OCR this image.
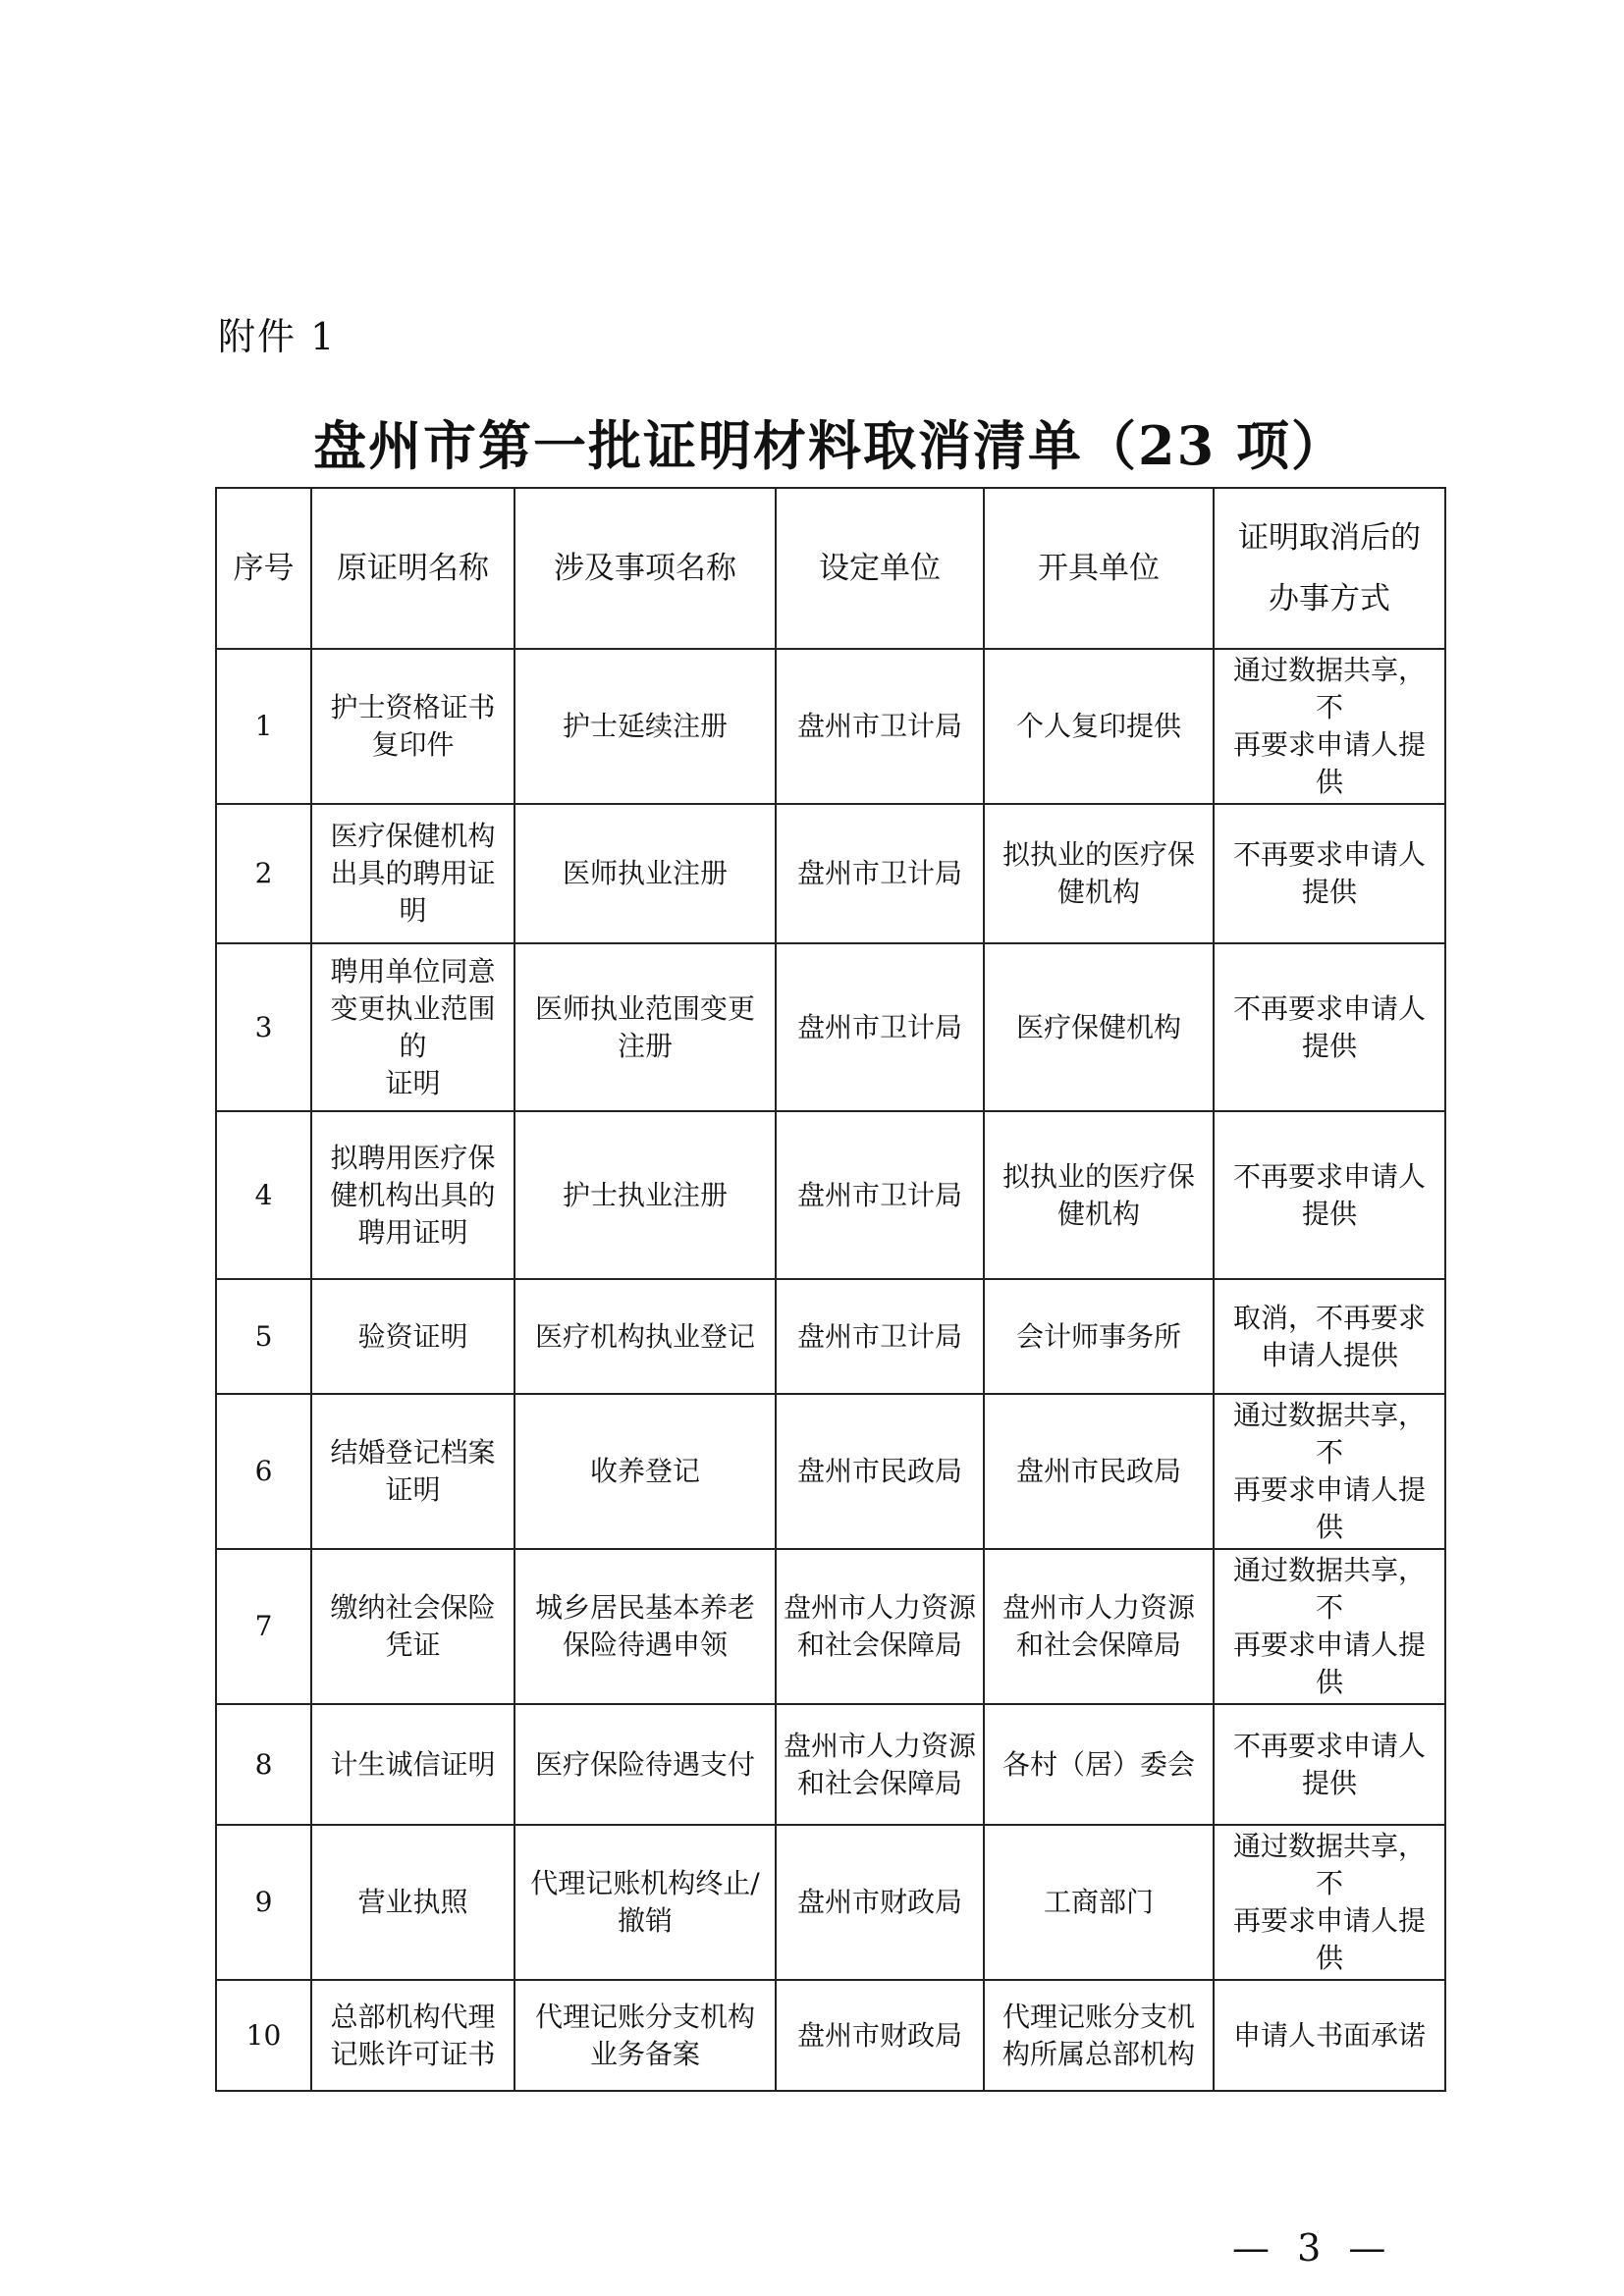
附件 1
盘州市第一批证明材料取消清单（23 项）
序号	原证明名称	涉及事项名称	设定单位	开具单位	证明取消后的
办事方式

1	护士资格证书
复印件	护士延续注册	盘州市卫计局	个人复印提供	通过数据共享，不
再要求申请人提
供

2	医疗保健机构
出具的聘用证
明	医师执业注册	盘州市卫计局	拟执业的医疗保
健机构	不再要求申请人
提供

3	聘用单位同意
变更执业范围
的
证明	医师执业范围变更
注册	盘州市卫计局	医疗保健机构	不再要求申请人
提供

4	拟聘用医疗保
健机构出具的
聘用证明	护士执业注册	盘州市卫计局	拟执业的医疗保
健机构	不再要求申请人
提供

5	验资证明	医疗机构执业登记	盘州市卫计局	会计师事务所	取消，不再要求
申请人提供

6	结婚登记档案
证明	收养登记	盘州市民政局	盘州市民政局	通过数据共享，不
再要求申请人提
供

7	缴纳社会保险
凭证	城乡居民基本养老
保险待遇申领	盘州市人力资源
和社会保障局	盘州市人力资源
和社会保障局	通过数据共享，不
再要求申请人提
供

8	计生诚信证明	医疗保险待遇支付	盘州市人力资源
和社会保障局	各村（居）委会	不再要求申请人
提供

9	营业执照	代理记账机构终止/
撤销	盘州市财政局	工商部门	通过数据共享，不
再要求申请人提
供

10	总部机构代理
记账许可证书	代理记账分支机构
业务备案	盘州市财政局	代理记账分支机
构所属总部机构	申请人书面承诺
— 3 —
